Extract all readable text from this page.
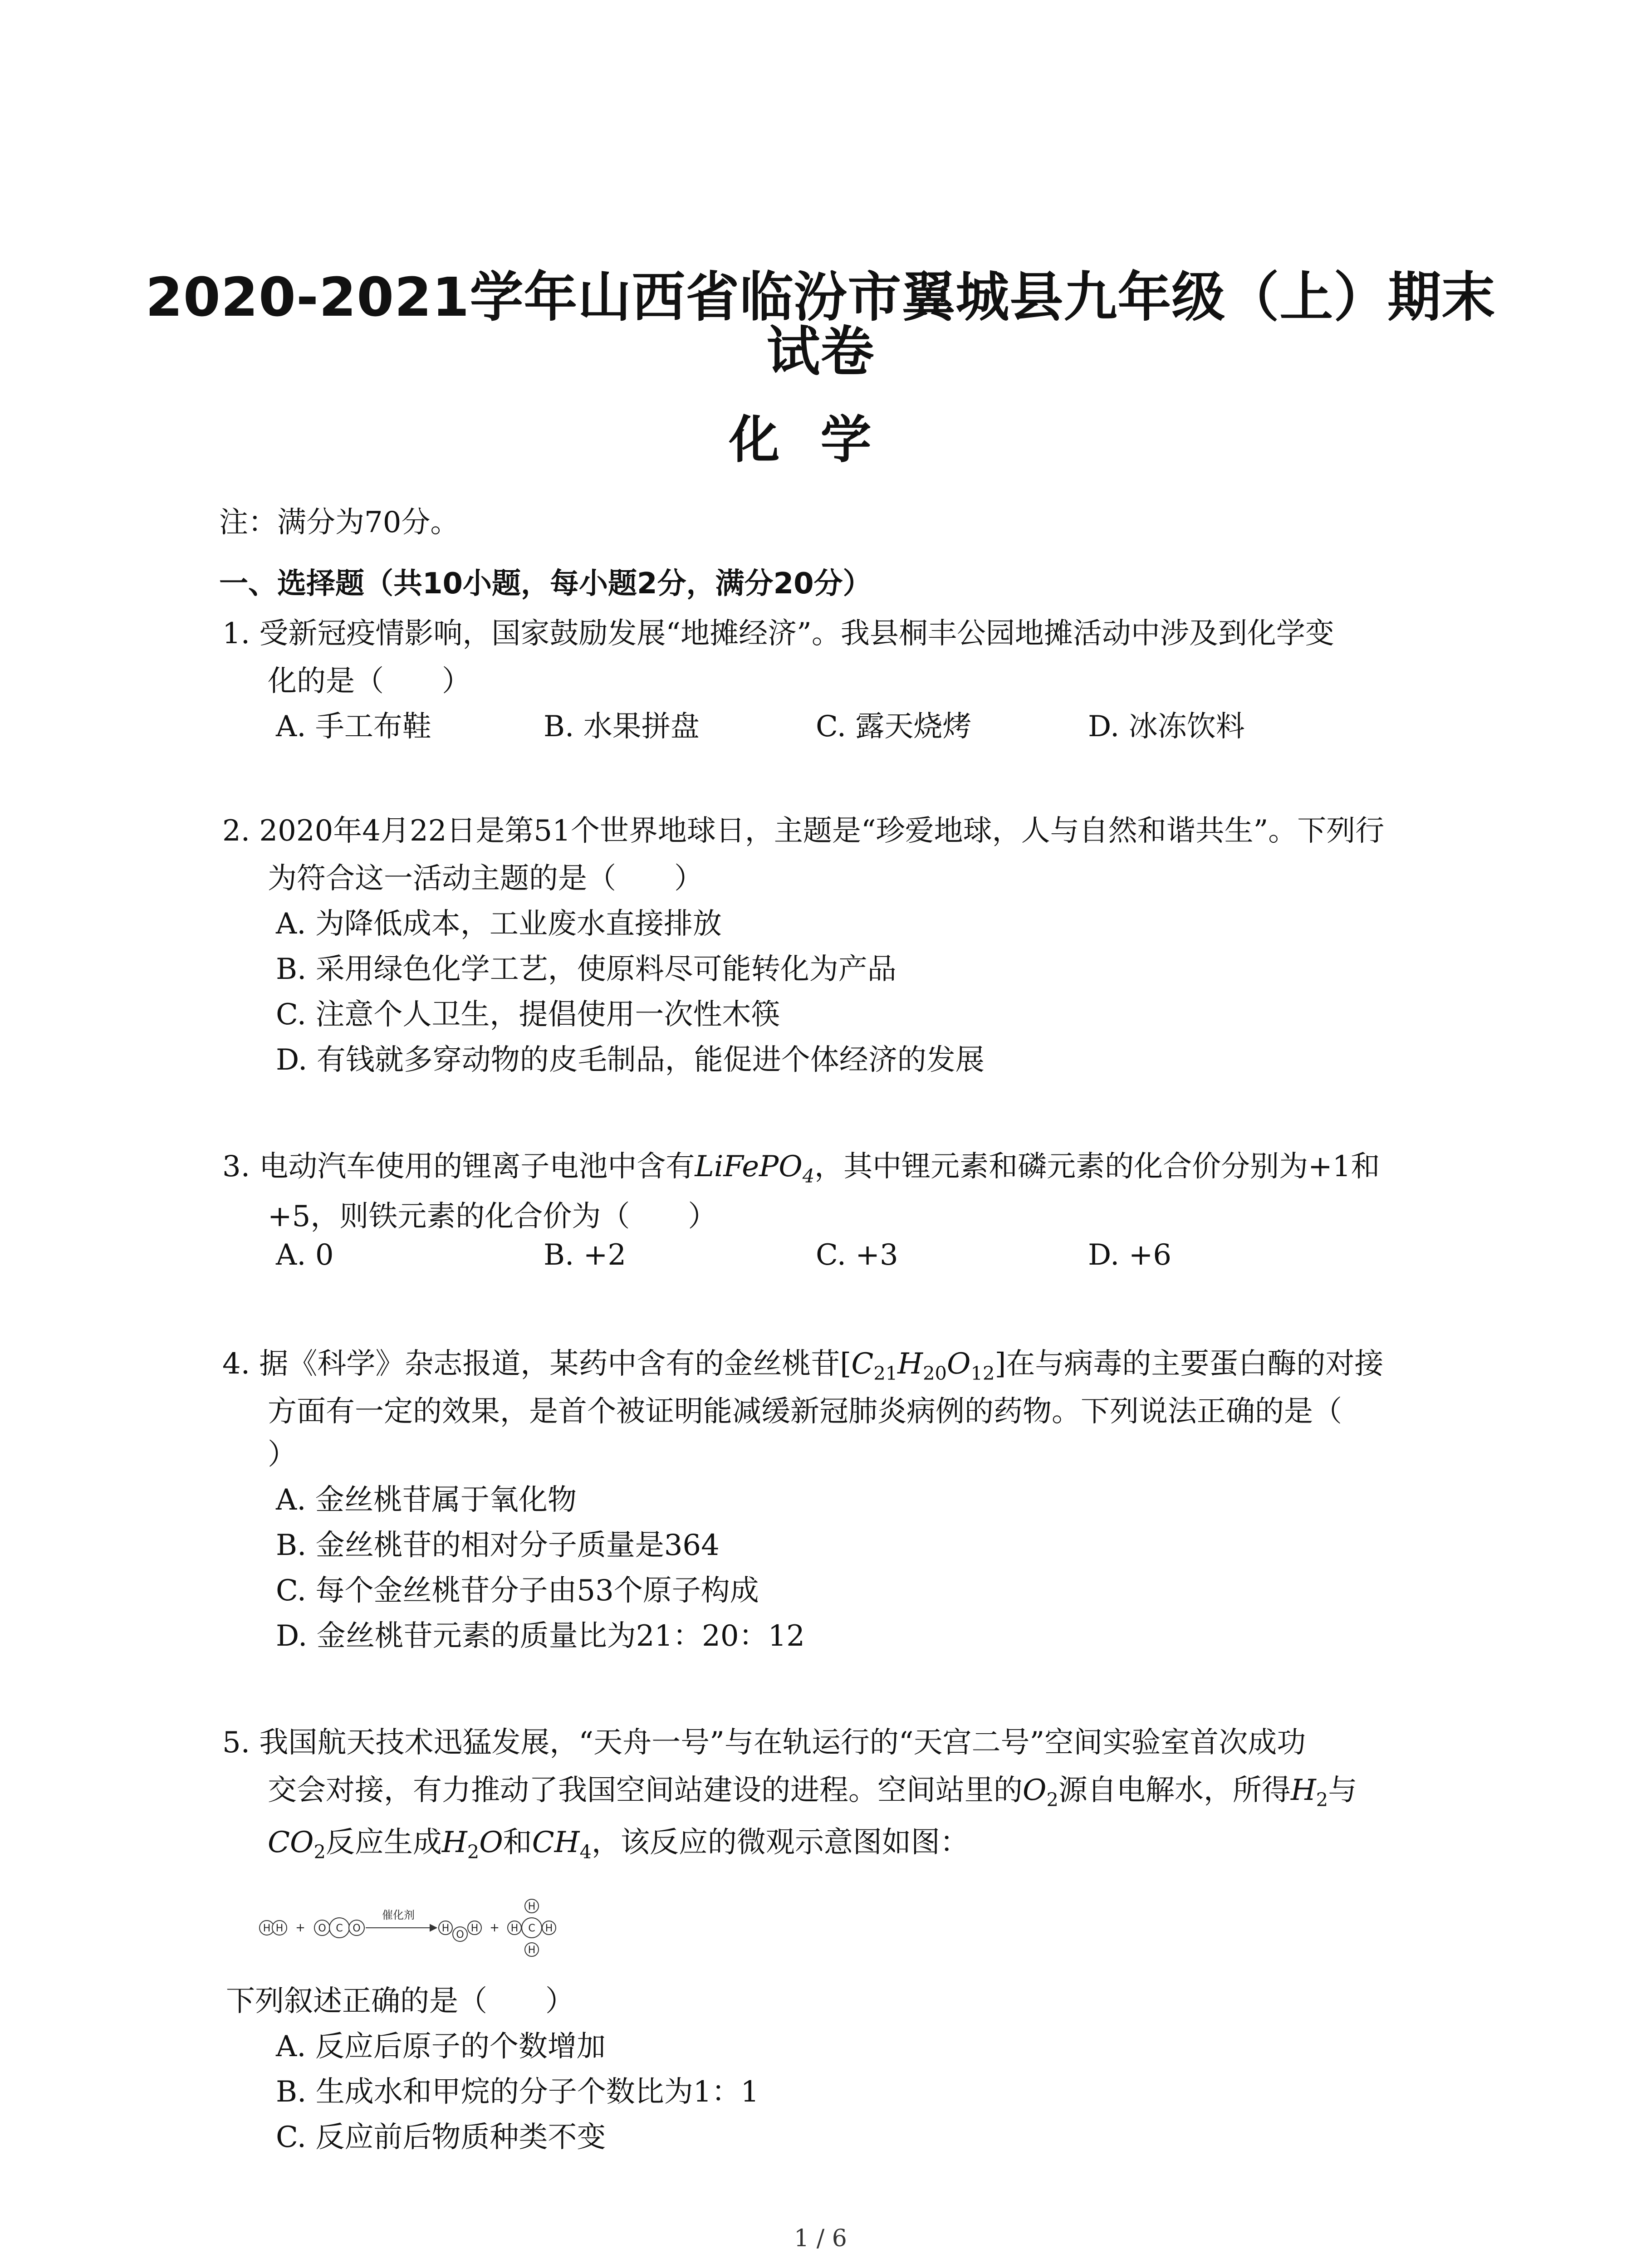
2020-2021学年山西省临汾市翼城县九年级（上）期末
试卷
化学
注：满分为70分。
一、选择题（共10小题，每小题2分，满分20分）
1. 受新冠疫情影响，国家鼓励发展“地摊经济”。我县桐丰公园地摊活动中涉及到化学变
化的是（　　）
A. 手工布鞋	B. 水果拼盘	C. 露天烧烤	D. 冰冻饮料
2. 2020年4月22日是第51个世界地球日，主题是“珍爱地球，人与自然和谐共生”。下列行
为符合这一活动主题的是（　　）
A. 为降低成本，工业废水直接排放
B. 采用绿色化学工艺，使原料尽可能转化为产品
C. 注意个人卫生，提倡使用一次性木筷
D. 有钱就多穿动物的皮毛制品，能促进个体经济的发展
3. 电动汽车使用的锂离子电池中含有LiFePO$_4$，其中锂元素和磷元素的化合价分别为+1和
+5，则铁元素的化合价为（　　）
A. 0	B. +2	C. +3	D. +6
4. 据《科学》杂志报道，某药中含有的金丝桃苷$[C_{21}H_{20}O_{12}]$在与病毒的主要蛋白酶的对接
方面有一定的效果，是首个被证明能减缓新冠肺炎病例的药物。下列说法正确的是（
）
A. 金丝桃苷属于氧化物
B. 金丝桃苷的相对分子质量是364
C. 每个金丝桃苷分子由53个原子构成
D. 金丝桃苷元素的质量比为21：20：12
5. 我国航天技术迅猛发展，“天舟一号”与在轨运行的“天宫二号”空间实验室首次成功
交会对接，有力推动了我国空间站建设的进程。空间站里的$O_2$源自电解水，所得$H_2$与
$CO_2$反应生成$H_2O$和$CH_4$，该反应的微观示意图如图：
H H + O C O
催化剂
H
O
H +
H
H C H
H
下列叙述正确的是（　　）
A. 反应后原子的个数增加
B. 生成水和甲烷的分子个数比为1：1
C. 反应前后物质种类不变
1 / 6
